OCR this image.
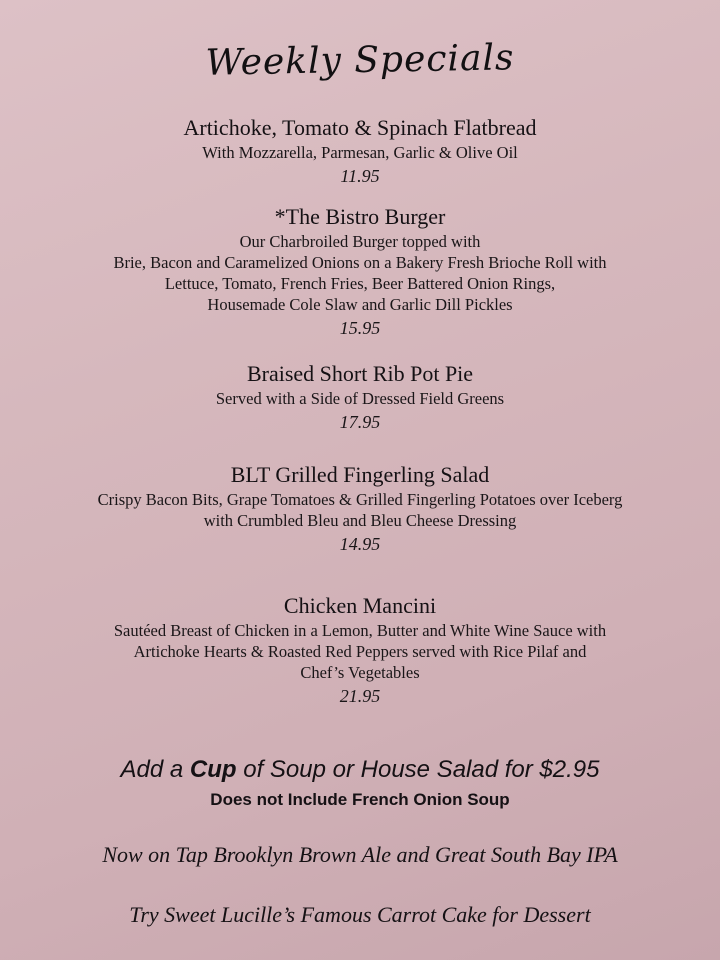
Weekly Specials
Artichoke, Tomato & Spinach Flatbread
With Mozzarella, Parmesan, Garlic & Olive Oil
11.95
*The Bistro Burger
Our Charbroiled Burger topped with
Brie, Bacon and Caramelized Onions on a Bakery Fresh Brioche Roll with
Lettuce, Tomato, French Fries, Beer Battered Onion Rings,
Housemade Cole Slaw and Garlic Dill Pickles
15.95
Braised Short Rib Pot Pie
Served with a Side of Dressed Field Greens
17.95
BLT Grilled Fingerling Salad
Crispy Bacon Bits, Grape Tomatoes & Grilled Fingerling Potatoes over Iceberg
with Crumbled Bleu and Bleu Cheese Dressing
14.95
Chicken Mancini
Sautéed Breast of Chicken in a Lemon, Butter and White Wine Sauce with
Artichoke Hearts & Roasted Red Peppers served with Rice Pilaf and
Chef’s Vegetables
21.95
Add a Cup of Soup or House Salad for $2.95
Does not Include French Onion Soup
Now on Tap Brooklyn Brown Ale and Great South Bay IPA
Try Sweet Lucille’s Famous Carrot Cake for Dessert
